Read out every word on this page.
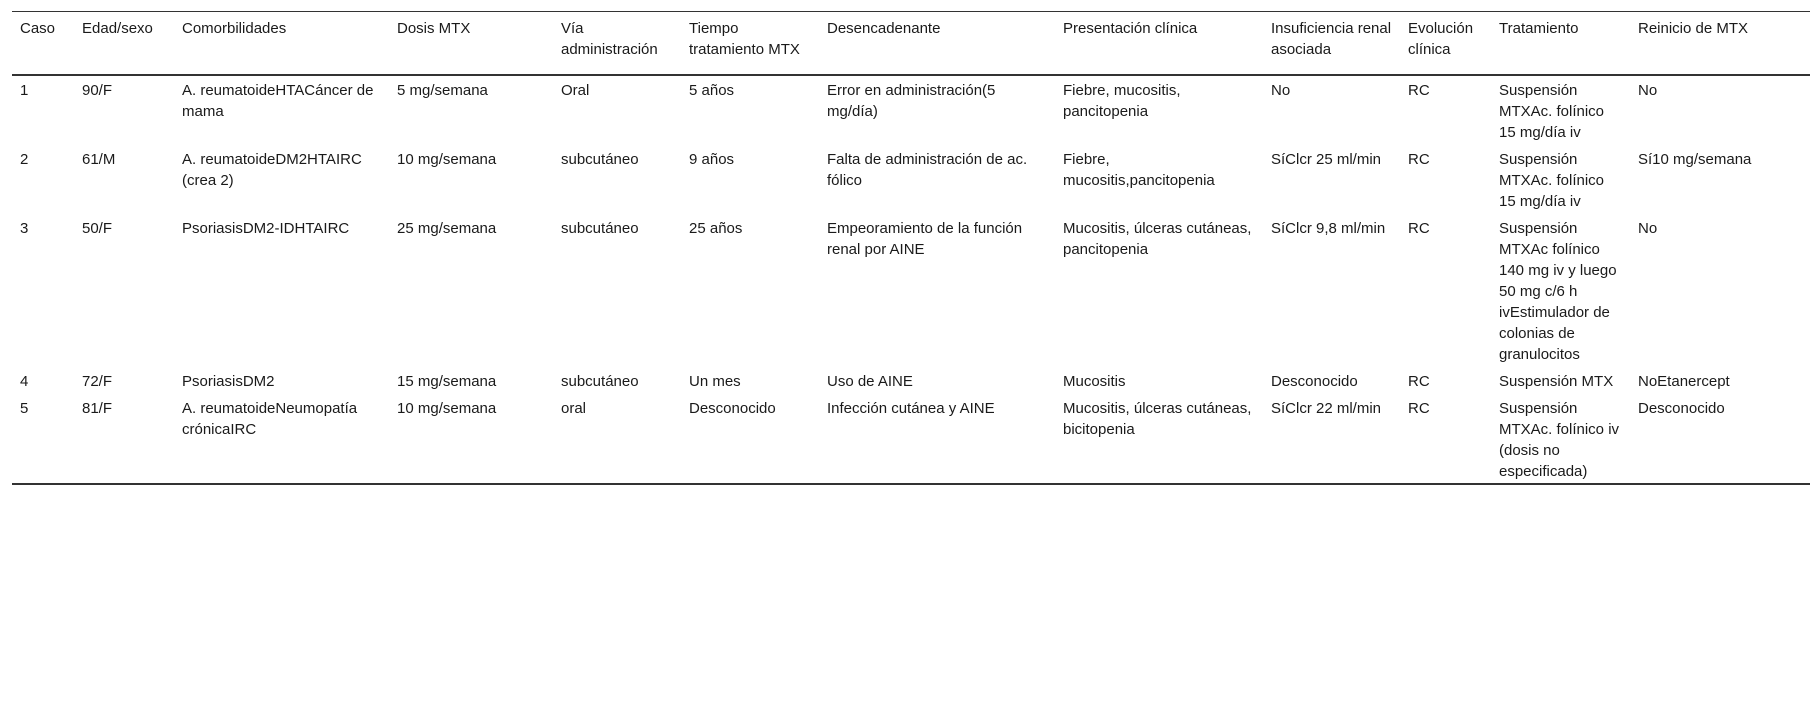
Caso	Edad/sexo	Comorbilidades	Dosis MTX	Vía administración	Tiempo tratamiento MTX	Desencadenante	Presentación clínica	Insuficiencia renal asociada	Evolución clínica	Tratamiento	Reinicio de MTX
1	90/F	A. reumatoideHTACáncer de mama	5 mg/semana	Oral	5 años	Error en administración(5 mg/día)	Fiebre, mucositis, pancitopenia	No	RC	Suspensión MTXAc. folínico 15 mg/día iv	No
2	61/M	A. reumatoideDM2HTAIRC (crea 2)	10 mg/semana	subcutáneo	9 años	Falta de administración de ac. fólico	Fiebre, mucositis,pancitopenia	SíClcr 25 ml/min	RC	Suspensión MTXAc. folínico 15 mg/día iv	Sí10 mg/semana
3	50/F	PsoriasisDM2-IDHTAIRC	25 mg/semana	subcutáneo	25 años	Empeoramiento de la función renal por AINE	Mucositis, úlceras cutáneas, pancitopenia	SíClcr 9,8 ml/min	RC	Suspensión MTXAc folínico 140 mg iv y luego 50 mg c/6 h ivEstimulador de colonias de granulocitos	No
4	72/F	PsoriasisDM2	15 mg/semana	subcutáneo	Un mes	Uso de AINE	Mucositis	Desconocido	RC	Suspensión MTX	NoEtanercept
5	81/F	A. reumatoideNeumopatía crónicaIRC	10 mg/semana	oral	Desconocido	Infección cutánea y AINE	Mucositis, úlceras cutáneas, bicitopenia	SíClcr 22 ml/min	RC	Suspensión MTXAc. folínico iv (dosis no especificada)	Desconocido
